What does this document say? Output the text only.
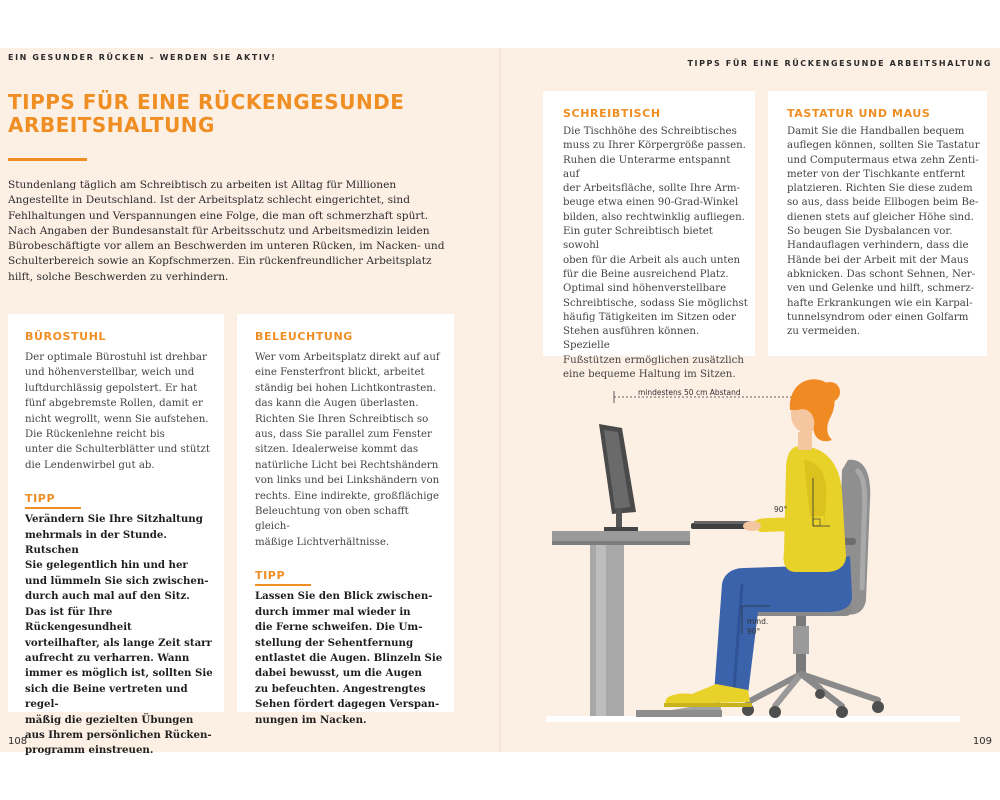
EIN GESUNDER RÜCKEN – WERDEN SIE AKTIV!
TIPPS FÜR EINE RÜCKENGESUNDE ARBEITSHALTUNG
TIPPS FÜR EINE RÜCKENGESUNDE ARBEITSHALTUNG

Stundenlang täglich am Schreibtisch zu arbeiten ist Alltag für Millionen Angestellte in Deutschland. Ist der Arbeitsplatz schlecht eingerichtet, sind Fehlhaltungen und Verspannungen eine Folge, die man oft schmerzhaft spürt. Nach Angaben der Bundesanstalt für Arbeitsschutz und Arbeitsmedizin leiden Bürobeschäftigte vor allem an Beschwerden im unteren Rücken, im Nacken- und Schulterbereich sowie an Kopfschmerzen. Ein rückenfreundlicher Arbeitsplatz hilft, solche Beschwerden zu verhindern.

BÜROSTUHL

Der optimale Bürostuhl ist drehbar
und höhenverstellbar, weich und
luftdurchlässig gepolstert. Er hat
fünf abgebremste Rollen, damit er
nicht wegrollt, wenn Sie aufstehen.
Die Rückenlehne reicht bis
unter die Schulterblätter und stützt
die Lendenwirbel gut ab.

TIPP

Verändern Sie Ihre Sitzhaltung
mehrmals in der Stunde. Rutschen
Sie gelegentlich hin und her
und lümmeln Sie sich zwischen-
durch auch mal auf den Sitz.
Das ist für Ihre Rückengesundheit
vorteilhafter, als lange Zeit starr
aufrecht zu verharren. Wann
immer es möglich ist, sollten Sie
sich die Beine vertreten und regel-
mäßig die gezielten Übungen
aus Ihrem persönlichen Rücken-
programm einstreuen.

BELEUCHTUNG

Wer vom Arbeitsplatz direkt auf auf
eine Fensterfront blickt, arbeitet
ständig bei hohen Lichtkontrasten.
das kann die Augen überlasten.
Richten Sie Ihren Schreibtisch so
aus, dass Sie parallel zum Fenster
sitzen. Idealerweise kommt das
natürliche Licht bei Rechtshändern
von links und bei Linkshändern von
rechts. Eine indirekte, großflächige
Beleuchtung von oben schafft gleich-
mäßige Lichtverhältnisse.

TIPP

Lassen Sie den Blick zwischen-
durch immer mal wieder in
die Ferne schweifen. Die Um-
stellung der Sehentfernung
entlastet die Augen. Blinzeln Sie
dabei bewusst, um die Augen
zu befeuchten. Angestrengtes
Sehen fördert dagegen Verspan-
nungen im Nacken.

SCHREIBTISCH

Die Tischhöhe des Schreibtisches
muss zu Ihrer Körpergröße passen.
Ruhen die Unterarme entspannt auf
der Arbeitsfläche, sollte Ihre Arm-
beuge etwa einen 90-Grad-Winkel
bilden, also rechtwinklig aufliegen.
Ein guter Schreibtisch bietet sowohl
oben für die Arbeit als auch unten
für die Beine ausreichend Platz.
Optimal sind höhenverstellbare
Schreibtische, sodass Sie möglichst
häufig Tätigkeiten im Sitzen oder
Stehen ausführen können. Spezielle
Fußstützen ermöglichen zusätzlich
eine bequeme Haltung im Sitzen.

TASTATUR UND MAUS

Damit Sie die Handballen bequem
auflegen können, sollten Sie Tastatur
und Computermaus etwa zehn Zenti-
meter von der Tischkante entfernt
platzieren. Richten Sie diese zudem
so aus, dass beide Ellbogen beim Be-
dienen stets auf gleicher Höhe sind.
So beugen Sie Dysbalancen vor.
Handauflagen verhindern, dass die
Hände bei der Arbeit mit der Maus
abknicken. Das schont Sehnen, Ner-
ven und Gelenke und hilft, schmerz-
hafte Erkrankungen wie ein Karpal-
tunnelsyndrom oder einen Golfarm
zu vermeiden.

mindestens 50 cm Abstand
90°
mind.
90°
108	109
